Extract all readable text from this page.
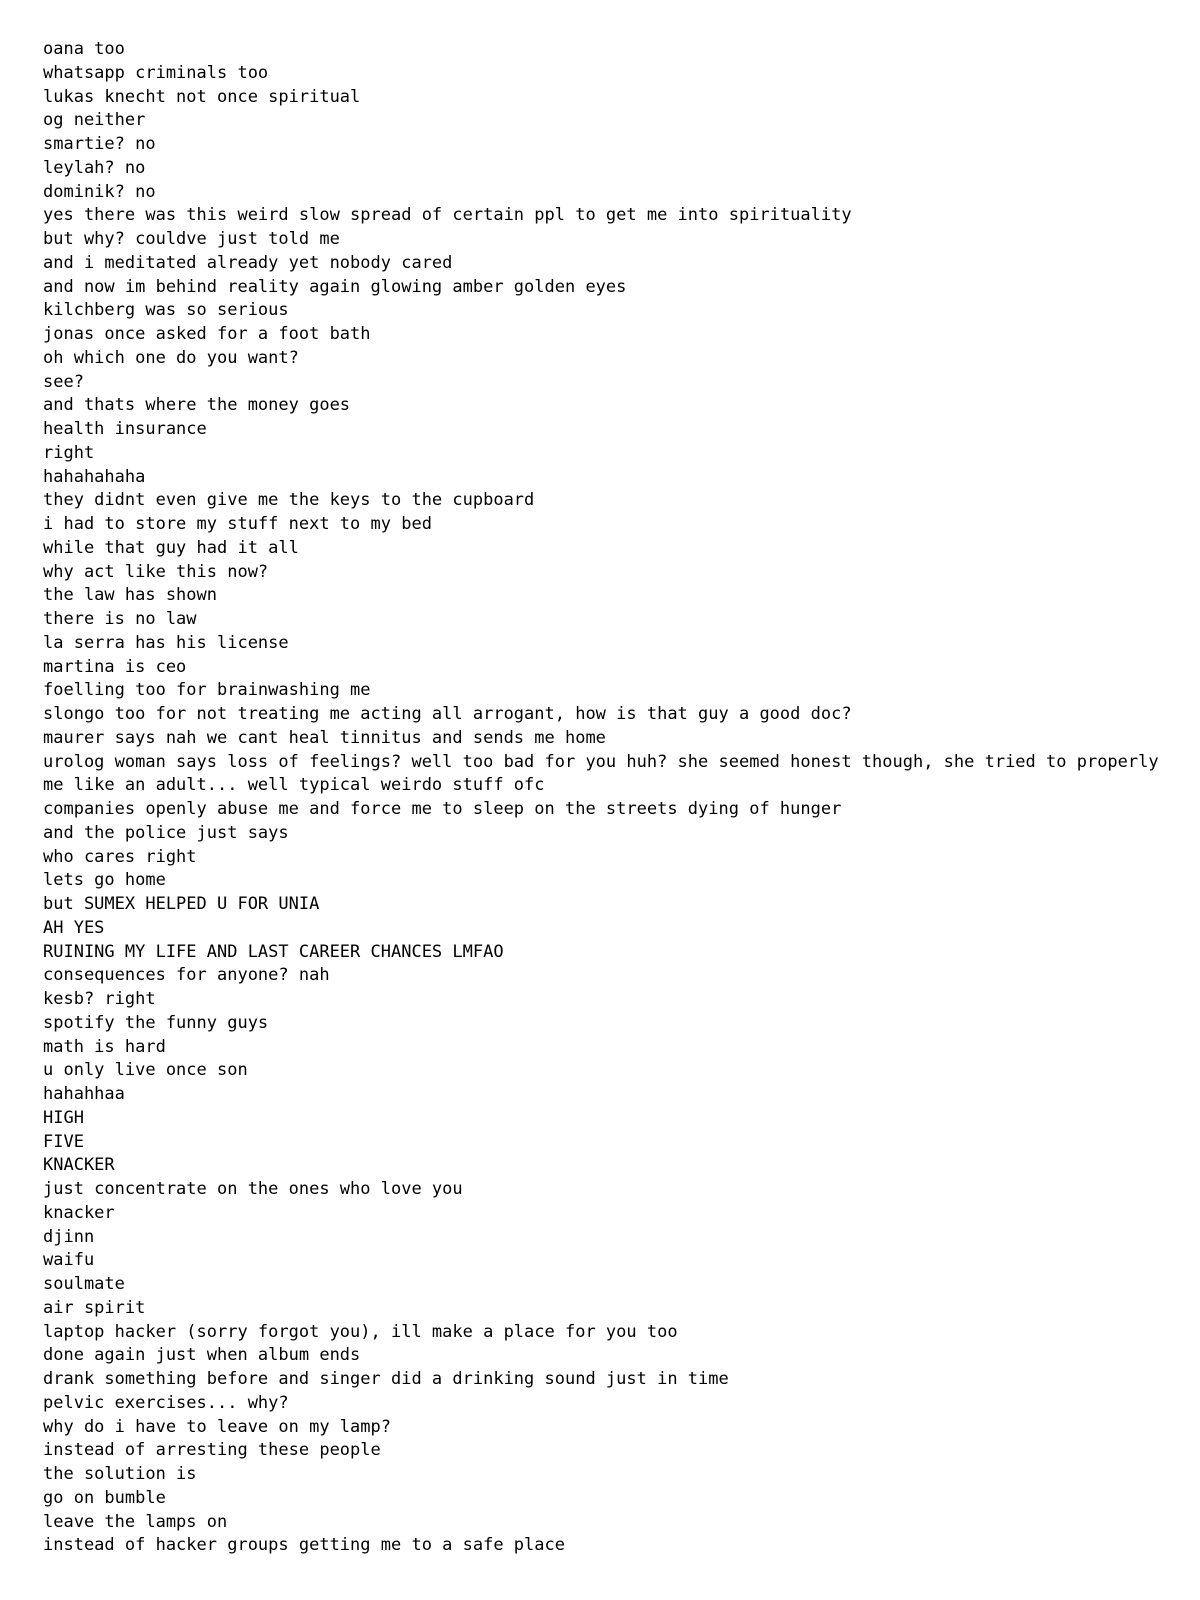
oana too
whatsapp criminals too
lukas knecht not once spiritual
og neither
smartie? no
leylah? no
dominik? no
yes there was this weird slow spread of certain ppl to get me into spirituality
but why? couldve just told me
and i meditated already yet nobody cared
and now im behind reality again glowing amber golden eyes
kilchberg was so serious
jonas once asked for a foot bath
oh which one do you want?
see?
and thats where the money goes
health insurance
right
hahahahaha
they didnt even give me the keys to the cupboard
i had to store my stuff next to my bed
while that guy had it all
why act like this now?
the law has shown
there is no law
la serra has his license
martina is ceo
foelling too for brainwashing me
slongo too for not treating me acting all arrogant, how is that guy a good doc?
maurer says nah we cant heal tinnitus and sends me home
urolog woman says loss of feelings? well too bad for you huh? she seemed honest though, she tried to properly
me like an adult... well typical weirdo stuff ofc
companies openly abuse me and force me to sleep on the streets dying of hunger
and the police just says
who cares right
lets go home
but SUMEX HELPED U FOR UNIA
AH YES
RUINING MY LIFE AND LAST CAREER CHANCES LMFAO
consequences for anyone? nah
kesb? right
spotify the funny guys
math is hard
u only live once son
hahahhaa
HIGH
FIVE
KNACKER
just concentrate on the ones who love you
knacker
djinn
waifu
soulmate
air spirit
laptop hacker (sorry forgot you), ill make a place for you too
done again just when album ends
drank something before and singer did a drinking sound just in time
pelvic exercises... why?
why do i have to leave on my lamp?
instead of arresting these people
the solution is
go on bumble
leave the lamps on
instead of hacker groups getting me to a safe place
